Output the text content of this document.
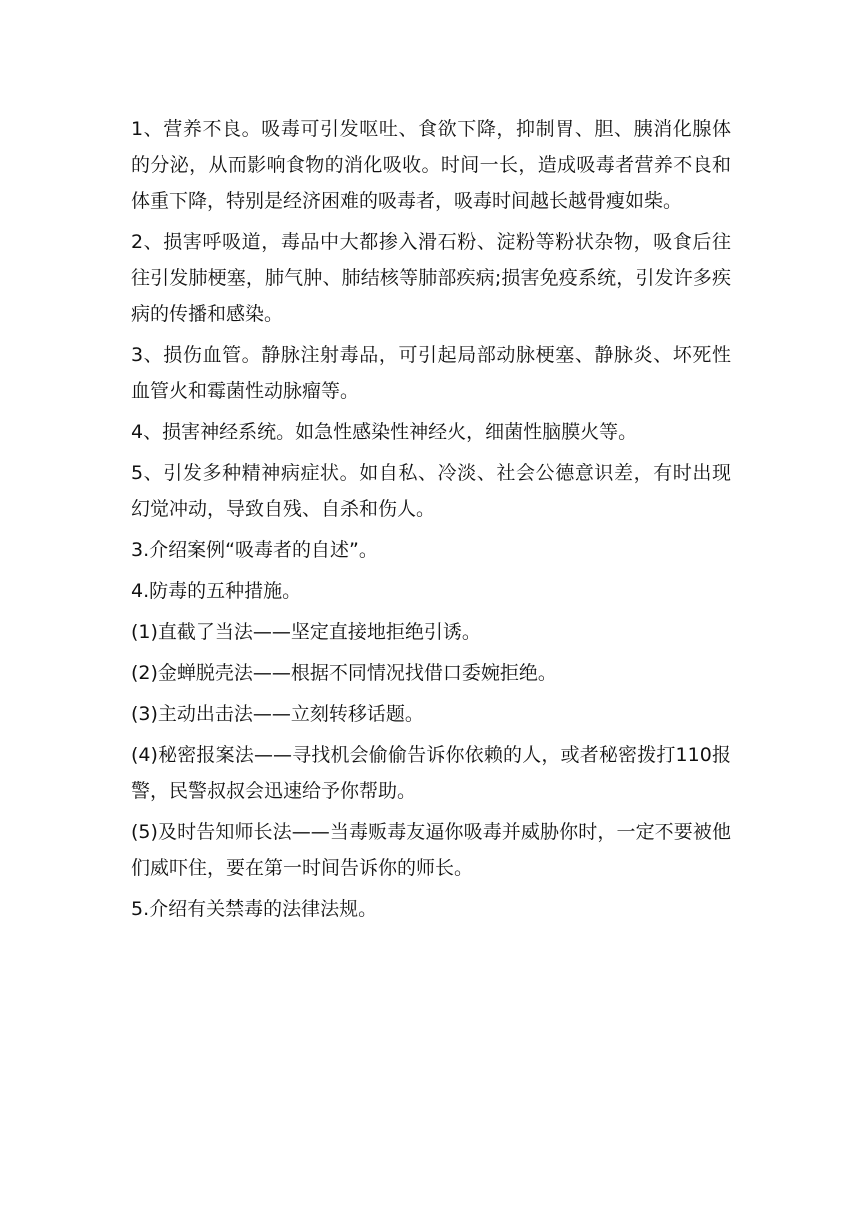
1、营养不良。吸毒可引发呕吐、食欲下降，抑制胃、胆、胰消化腺体的分泌，从而影响食物的消化吸收。时间一长，造成吸毒者营养不良和体重下降，特别是经济困难的吸毒者，吸毒时间越长越骨瘦如柴。

2、损害呼吸道，毒品中大都掺入滑石粉、淀粉等粉状杂物，吸食后往往引发肺梗塞，肺气肿、肺结核等肺部疾病;损害免疫系统，引发许多疾病的传播和感染。

3、损伤血管。静脉注射毒品，可引起局部动脉梗塞、静脉炎、坏死性血管火和霉菌性动脉瘤等。

4、损害神经系统。如急性感染性神经火，细菌性脑膜火等。

5、引发多种精神病症状。如自私、冷淡、社会公德意识差，有时出现幻觉冲动，导致自残、自杀和伤人。

3.介绍案例“吸毒者的自述”。

4.防毒的五种措施。

(1)直截了当法——坚定直接地拒绝引诱。

(2)金蝉脱壳法——根据不同情况找借口委婉拒绝。

(3)主动出击法——立刻转移话题。

(4)秘密报案法——寻找机会偷偷告诉你依赖的人，或者秘密拨打110报警，民警叔叔会迅速给予你帮助。

(5)及时告知师长法——当毒贩毒友逼你吸毒并威胁你时，一定不要被他们威吓住，要在第一时间告诉你的师长。

5.介绍有关禁毒的法律法规。
